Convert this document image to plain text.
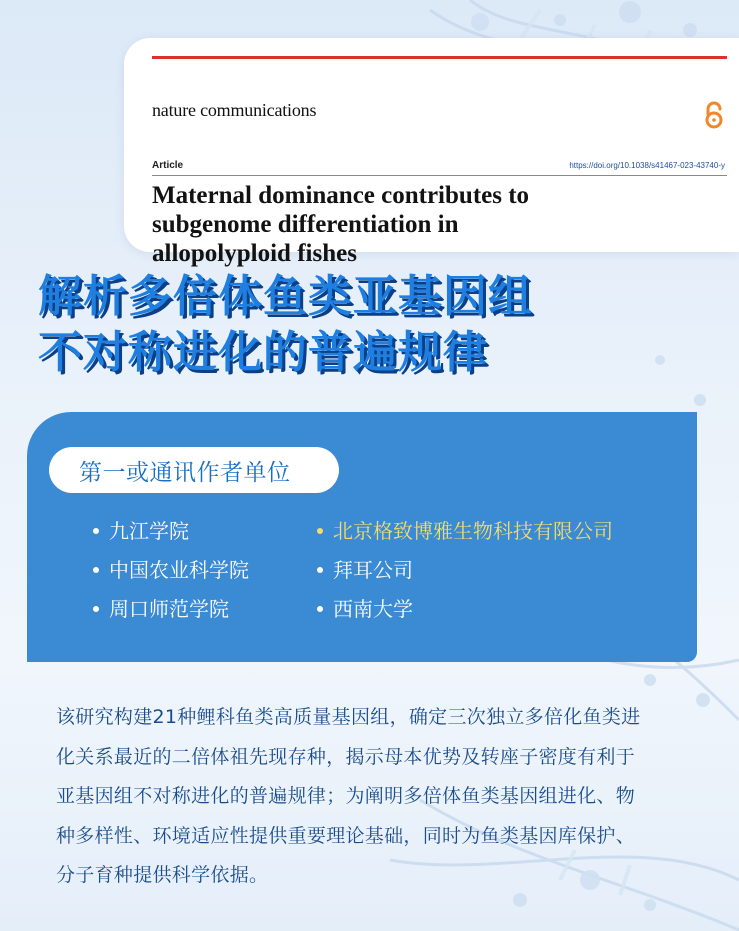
nature communications
Article	https://doi.org/10.1038/s41467-023-43740-y
Maternal dominance contributes to
subgenome differentiation in
allopolyploid fishes
解析多倍体鱼类亚基因组
不对称进化的普遍规律
第一或通讯作者单位
九江学院
中国农业科学院
周口师范学院
北京格致博雅生物科技有限公司
拜耳公司
西南大学
该研究构建21种鲤科鱼类高质量基因组，确定三次独立多倍化鱼类进
化关系最近的二倍体祖先现存种，揭示母本优势及转座子密度有利于
亚基因组不对称进化的普遍规律；为阐明多倍体鱼类基因组进化、物
种多样性、环境适应性提供重要理论基础，同时为鱼类基因库保护、
分子育种提供科学依据。
